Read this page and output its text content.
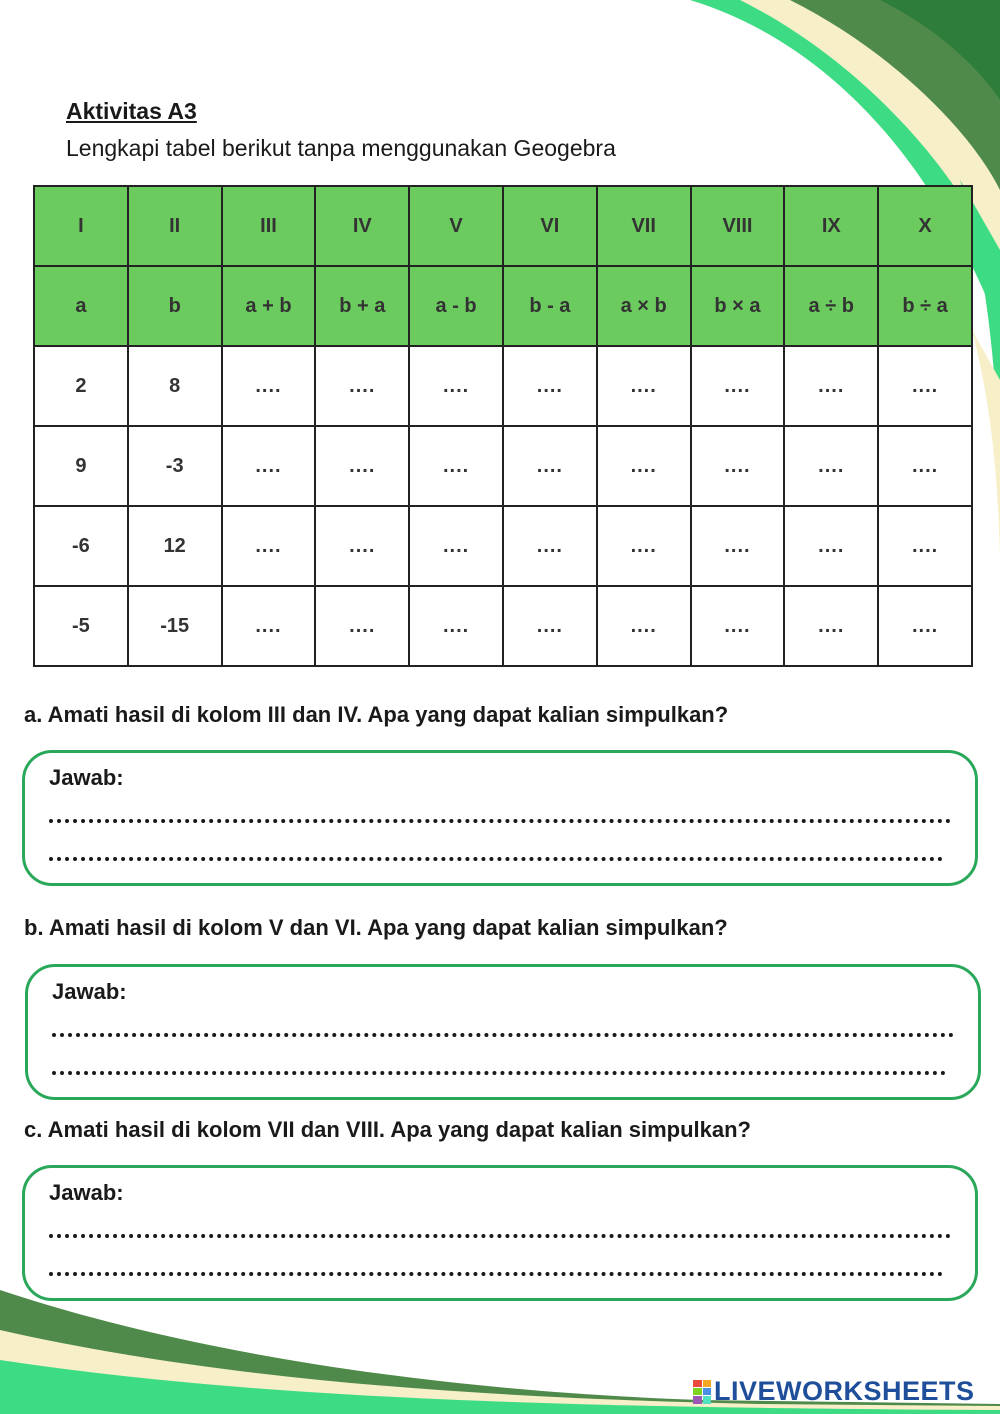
Aktivitas A3
Lengkapi tabel berikut tanpa menggunakan Geogebra
I	II	III	IV	V	VI	VII	VIII	IX	X
a	b	a + b	b + a	a - b	b - a	a × b	b × a	a ÷ b	b ÷ a
2	8	....	....	....	....	....	....	....	....
9	-3	....	....	....	....	....	....	....	....
-6	12	....	....	....	....	....	....	....	....
-5	-15	....	....	....	....	....	....	....	....
a. Amati hasil di kolom III dan IV. Apa yang dapat kalian simpulkan?
Jawab:
b. Amati hasil di kolom V dan VI. Apa yang dapat kalian simpulkan?
Jawab:
c. Amati hasil di kolom VII dan VIII. Apa yang dapat kalian simpulkan?
Jawab:
LIVEWORKSHEETS
